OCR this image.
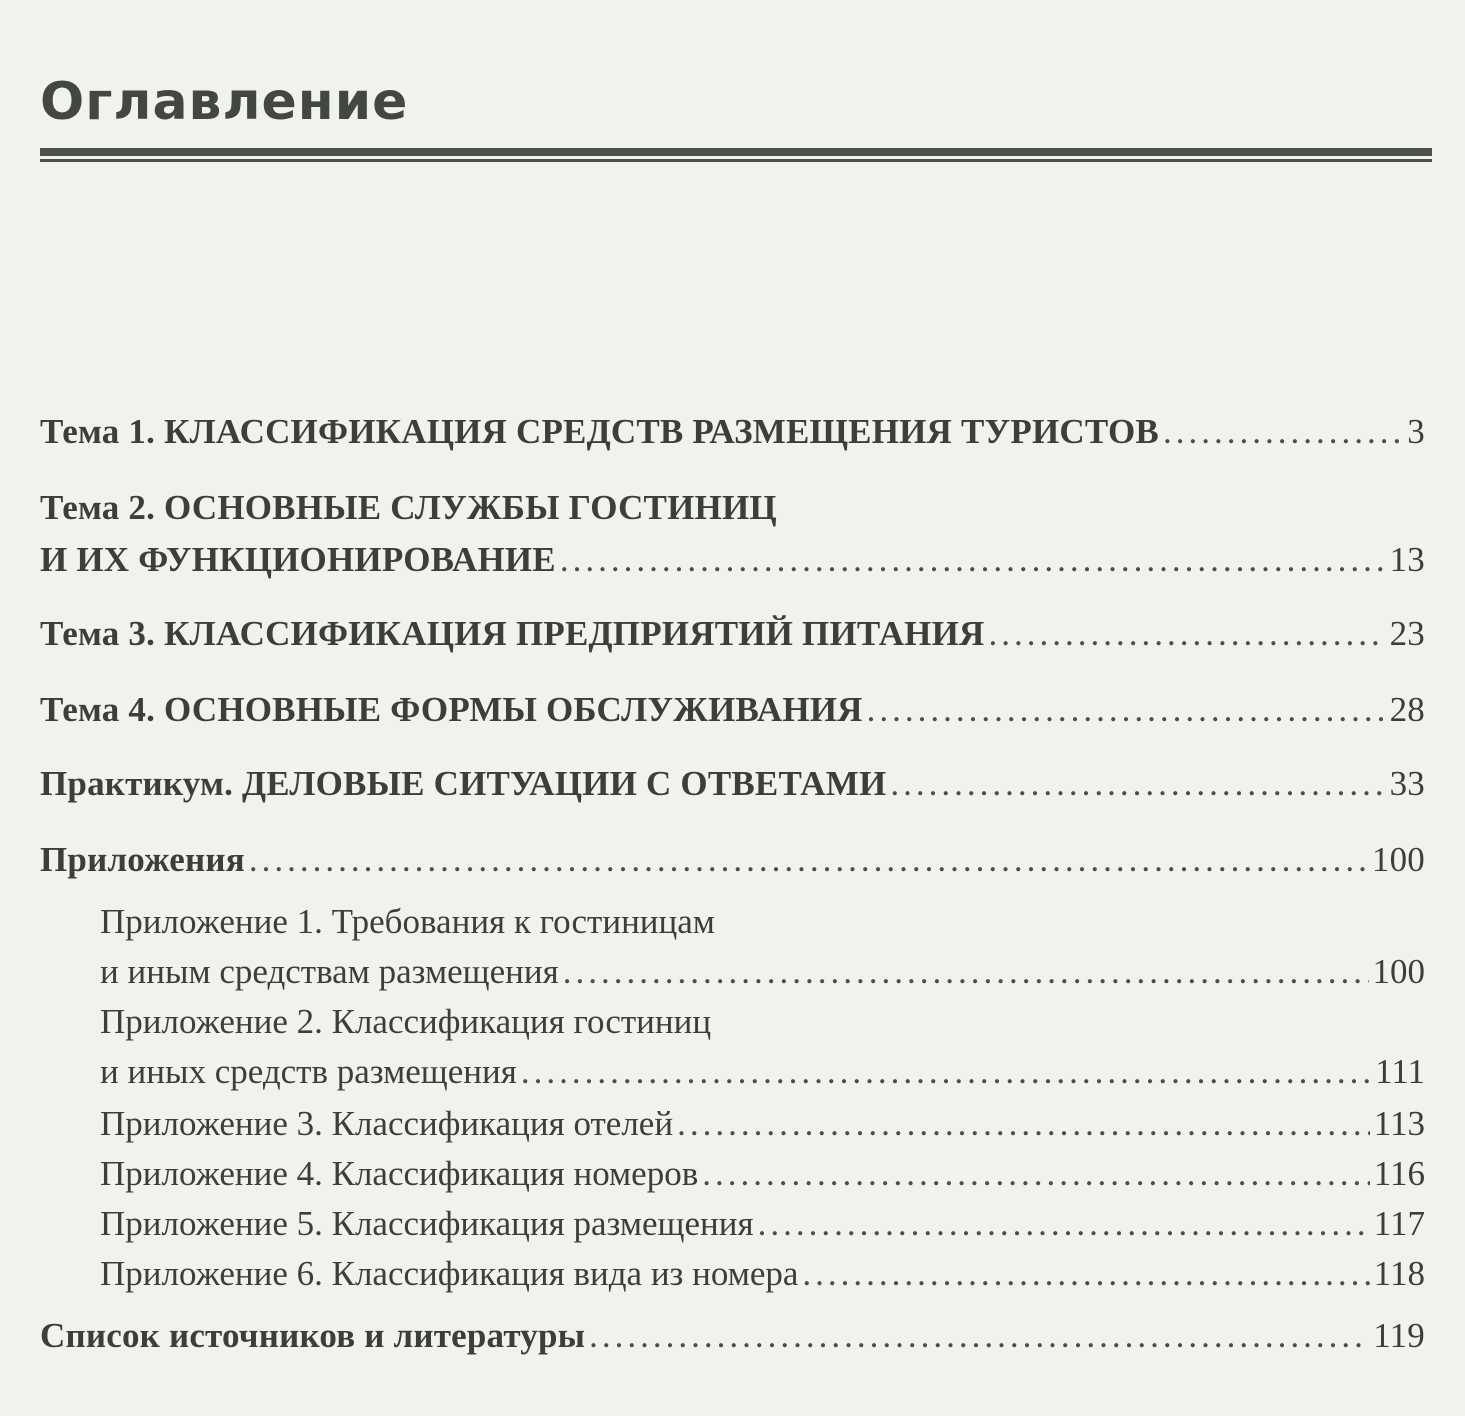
Оглавление
Тема 1. КЛАССИФИКАЦИЯ СРЕДСТВ РАЗМЕЩЕНИЯ ТУРИСТОВ .....	3
Тема 2. ОСНОВНЫЕ СЛУЖБЫ ГОСТИНИЦ
И ИХ ФУНКЦИОНИРОВАНИЕ .....	13
Тема 3. КЛАССИФИКАЦИЯ ПРЕДПРИЯТИЙ ПИТАНИЯ .....	23
Тема 4. ОСНОВНЫЕ ФОРМЫ ОБСЛУЖИВАНИЯ .....	28
Практикум. ДЕЛОВЫЕ СИТУАЦИИ С ОТВЕТАМИ .....	33
Приложения .....	100
Приложение 1. Требования к гостиницам
и иным средствам размещения .....	100
Приложение 2. Классификация гостиниц
и иных средств размещения .....	111
Приложение 3. Классификация отелей .....	113
Приложение 4. Классификация номеров .....	116
Приложение 5. Классификация размещения .....	117
Приложение 6. Классификация вида из номера .....	118
Список источников и литературы .....	119
